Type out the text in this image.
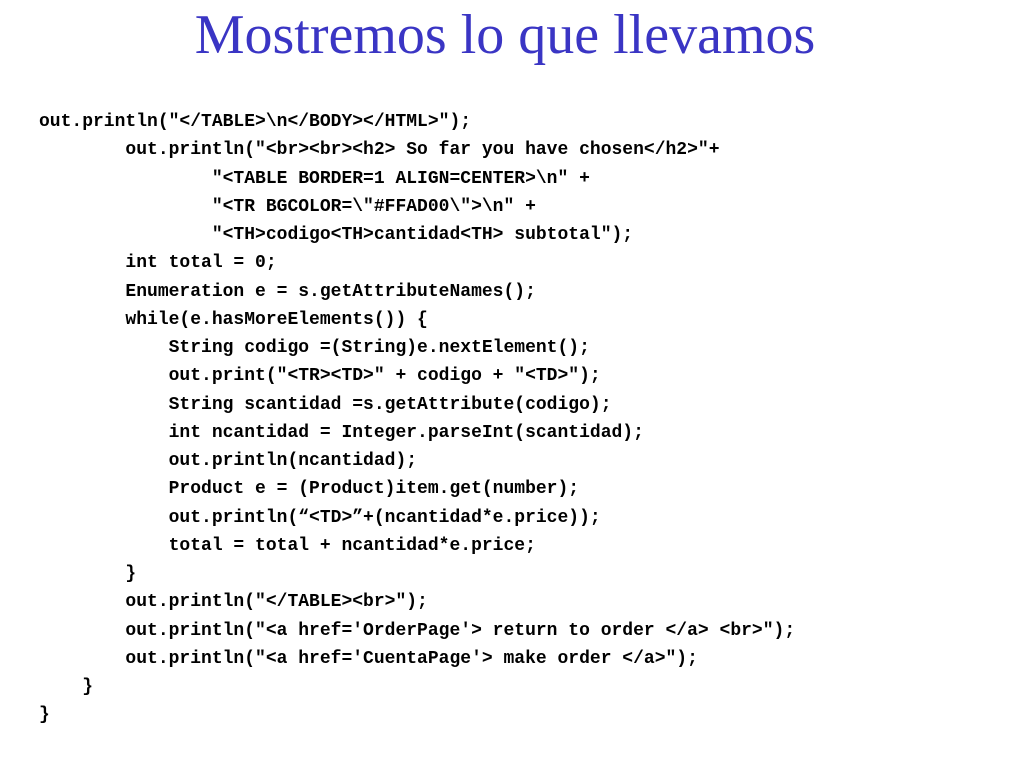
Mostremos lo que llevamos
out.println("</TABLE>\n</BODY></HTML>");
out.println("<br><br><h2> So far you have chosen</h2>"+
"<TABLE BORDER=1 ALIGN=CENTER>\n" +
"<TR BGCOLOR=\"#FFAD00\">\n" +
"<TH>codigo<TH>cantidad<TH> subtotal");
int total = 0;
Enumeration e = s.getAttributeNames();
while(e.hasMoreElements()) {
String codigo =(String)e.nextElement();
out.print("<TR><TD>" + codigo + "<TD>");
String scantidad =s.getAttribute(codigo);
int ncantidad = Integer.parseInt(scantidad);
out.println(ncantidad);
Product e = (Product)item.get(number);
out.println(“<TD>”+(ncantidad*e.price));
total = total + ncantidad*e.price;
}
out.println("</TABLE><br>");
out.println("<a href='OrderPage'> return to order </a> <br>");
out.println("<a href='CuentaPage'> make order </a>");
}
}
